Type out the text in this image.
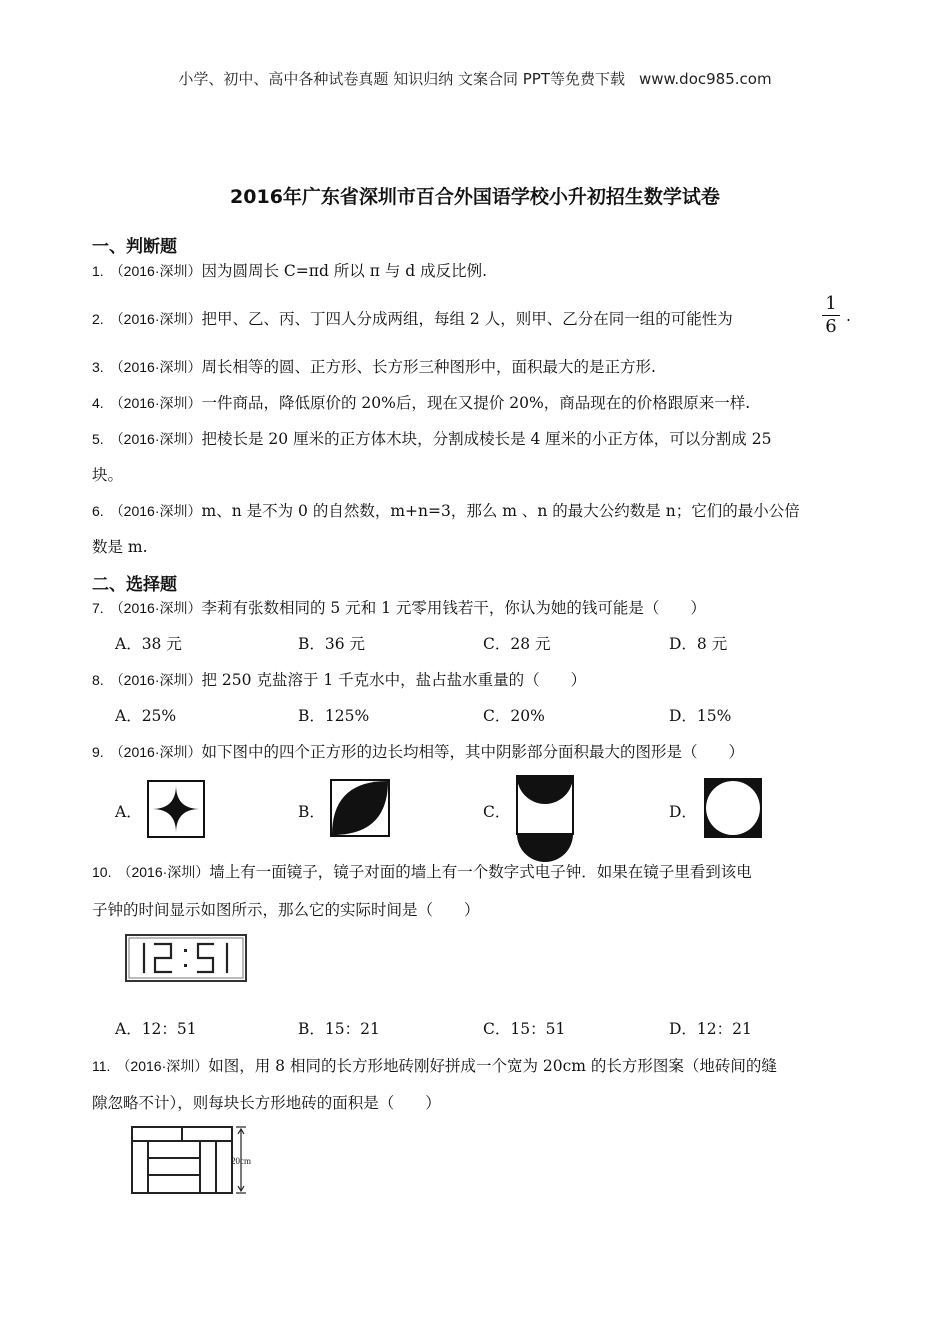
小学、初中、高中各种试卷真题 知识归纳 文案合同 PPT等免费下载 www.doc985.com
2016年广东省深圳市百合外国语学校小升初招生数学试卷
一、判断题
1. （2016·深圳）因为圆周长 C=πd 所以 π 与 d 成反比例.
2. （2016·深圳）把甲、乙、丙、丁四人分成两组，每组 2 人，则甲、乙分在同一组的可能性为
1
6 .
3. （2016·深圳）周长相等的圆、正方形、长方形三种图形中，面积最大的是正方形.
4. （2016·深圳）一件商品，降低原价的 20%后，现在又提价 20%，商品现在的价格跟原来一样.
5. （2016·深圳）把棱长是 20 厘米的正方体木块，分割成棱长是 4 厘米的小正方体，可以分割成 25
块。
6. （2016·深圳）m、n 是不为 0 的自然数，m+n=3，那么 m 、n 的最大公约数是 n；它们的最小公倍
数是 m.
二、选择题
7. （2016·深圳）李莉有张数相同的 5 元和 1 元零用钱若干，你认为她的钱可能是（　　）
A．38 元	B．36 元	C．28 元	D．8 元
8. （2016·深圳）把 250 克盐溶于 1 千克水中，盐占盐水重量的（　　）
A．25%	B．125%	C．20%	D．15%
9. （2016·深圳）如下图中的四个正方形的边长均相等，其中阴影部分面积最大的图形是（　　）
A．	B．	C．	D．
10. （2016·深圳）墙上有一面镜子，镜子对面的墙上有一个数字式电子钟．如果在镜子里看到该电
子钟的时间显示如图所示，那么它的实际时间是（　　）
A．12：51	B．15：21	C．15：51	D．12：21
11. （2016·深圳）如图，用 8 相同的长方形地砖刚好拼成一个宽为 20cm 的长方形图案（地砖间的缝
隙忽略不计），则每块长方形地砖的面积是（　　）
20cm
